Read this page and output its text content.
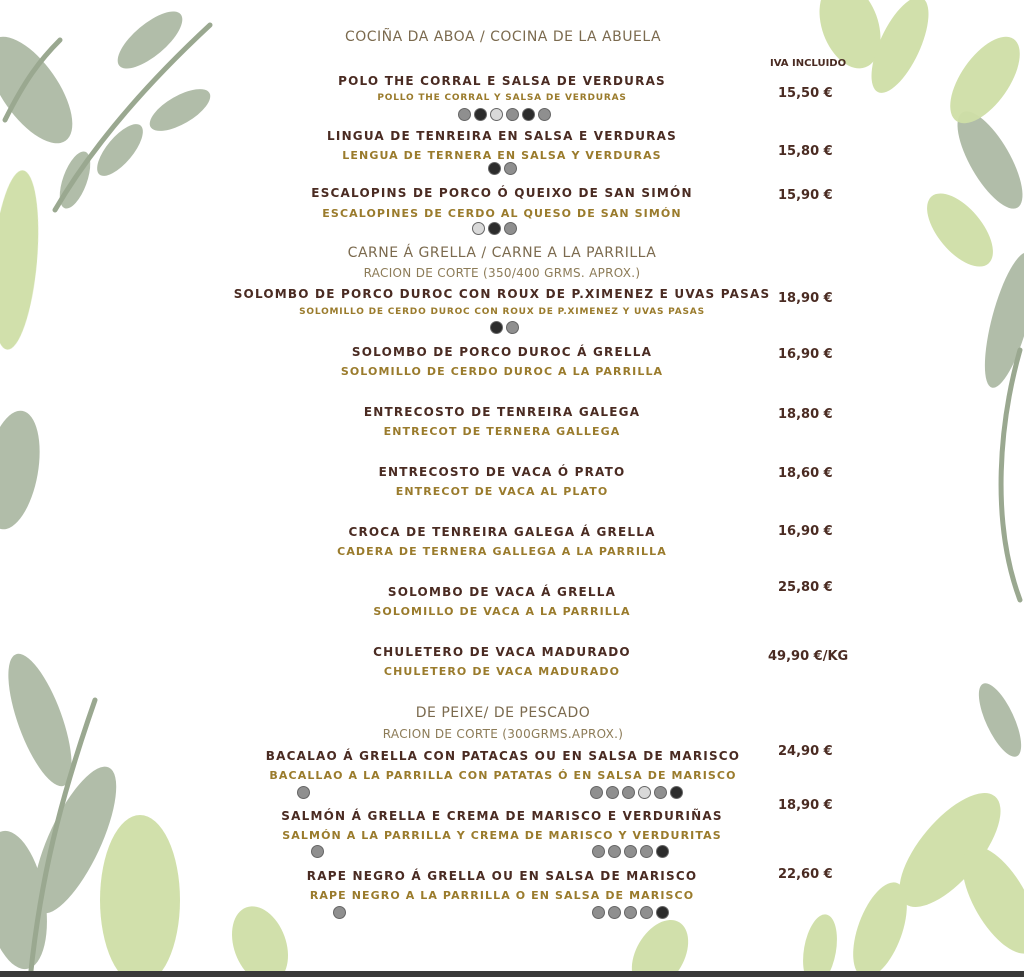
IVA INCLUIDO
COCIÑA DA ABOA / COCINA DE LA ABUELA
CARNE Á GRELLA / CARNE A LA PARRILLA
RACION DE CORTE (350/400 GRMS. APROX.)
DE PEIXE/ DE PESCADO
RACION DE CORTE (300GRMS.APROX.)
POLO THE CORRAL E SALSA DE VERDURAS
POLLO THE CORRAL Y SALSA DE VERDURAS	15,50 €
LINGUA DE TENREIRA EN SALSA E VERDURAS
LENGUA DE TERNERA EN SALSA Y VERDURAS	15,80 €
ESCALOPINS DE PORCO Ó QUEIXO DE SAN SIMÓN
ESCALOPINES DE CERDO AL QUESO DE SAN SIMÓN
15,90 €
SOLOMBO DE PORCO DUROC CON ROUX DE P.XIMENEZ E UVAS PASAS
SOLOMILLO DE CERDO DUROC CON ROUX DE P.XIMENEZ Y UVAS PASAS
18,90 €
SOLOMBO DE PORCO DUROC Á GRELLA
SOLOMILLO DE CERDO DUROC A LA PARRILLA
16,90 €
ENTRECOSTO DE TENREIRA GALEGA
ENTRECOT DE TERNERA GALLEGA
18,80 €
ENTRECOSTO DE VACA Ó PRATO
ENTRECOT DE VACA AL PLATO
18,60 €
CROCA DE TENREIRA GALEGA Á GRELLA
CADERA DE TERNERA GALLEGA A LA PARRILLA
16,90 €
SOLOMBO DE VACA Á GRELLA
SOLOMILLO DE VACA A LA PARRILLA
25,80 €
CHULETERO DE VACA MADURADO
CHULETERO DE VACA MADURADO
49,90 €/KG
BACALAO Á GRELLA CON PATACAS OU EN SALSA DE MARISCO
BACALLAO A LA PARRILLA CON PATATAS Ó EN SALSA DE MARISCO
24,90 €
SALMÓN Á GRELLA E CREMA DE MARISCO E VERDURIÑAS
SALMÓN A LA PARRILLA Y CREMA DE MARISCO Y VERDURITAS
18,90 €
RAPE NEGRO Á GRELLA OU EN SALSA DE MARISCO
RAPE NEGRO A LA PARRILLA O EN SALSA DE MARISCO
22,60 €
